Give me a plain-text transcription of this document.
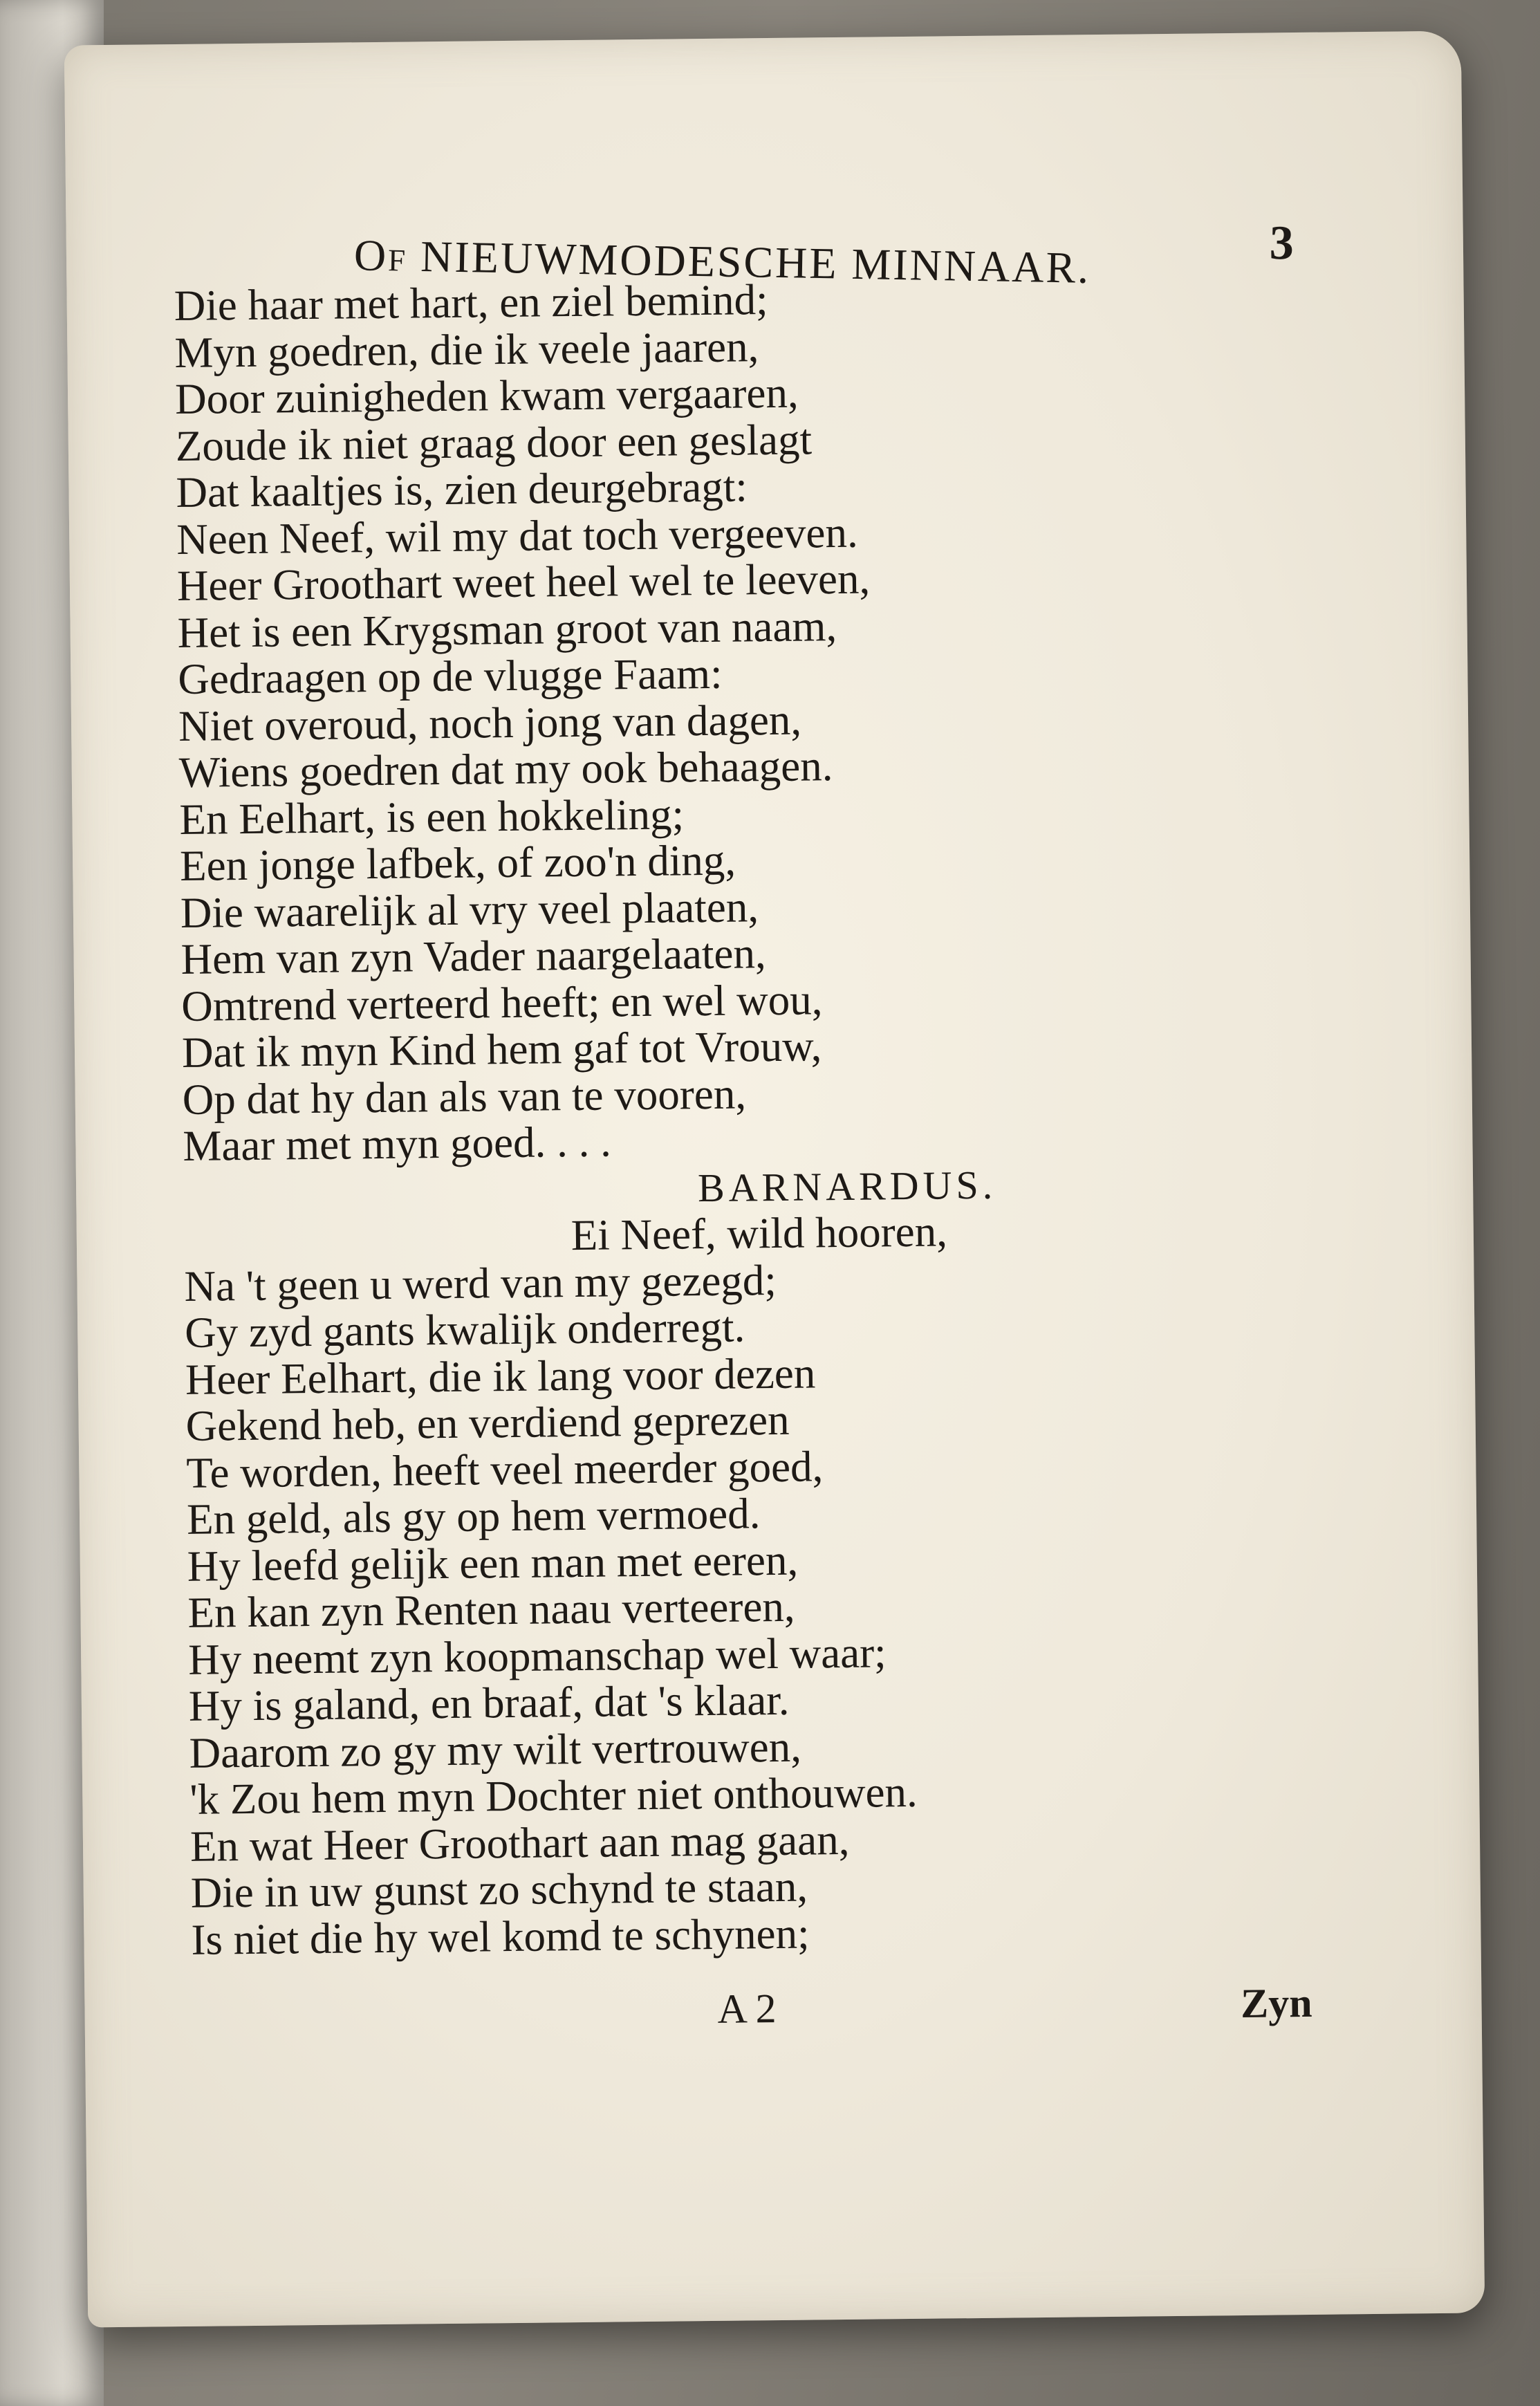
Of NIEUWMODESCHE MINNAAR.	3
Die haar met hart, en ziel bemind;
Myn goedren, die ik veele jaaren,
Door zuinigheden kwam vergaaren,
Zoude ik niet graag door een geslagt
Dat kaaltjes is, zien deurgebragt:
Neen Neef, wil my dat toch vergeeven.
Heer Groothart weet heel wel te leeven,
Het is een Krygsman groot van naam,
Gedraagen op de vlugge Faam:
Niet overoud, noch jong van dagen,
Wiens goedren dat my ook behaagen.
En Eelhart, is een hokkeling;
Een jonge lafbek, of zoo'n ding,
Die waarelijk al vry veel plaaten,
Hem van zyn Vader naargelaaten,
Omtrend verteerd heeft; en wel wou,
Dat ik myn Kind hem gaf tot Vrouw,
Op dat hy dan als van te vooren,
Maar met myn goed. . . .
BARNARDUS.
Ei Neef, wild hooren,
Na 't geen u werd van my gezegd;
Gy zyd gants kwalijk onderregt.
Heer Eelhart, die ik lang voor dezen
Gekend heb, en verdiend geprezen
Te worden, heeft veel meerder goed,
En geld, als gy op hem vermoed.
Hy leefd gelijk een man met eeren,
En kan zyn Renten naau verteeren,
Hy neemt zyn koopmanschap wel waar;
Hy is galand, en braaf, dat 's klaar.
Daarom zo gy my wilt vertrouwen,
'k Zou hem myn Dochter niet onthouwen.
En wat Heer Groothart aan mag gaan,
Die in uw gunst zo schynd te staan,
Is niet die hy wel komd te schynen;
A 2	Zyn
